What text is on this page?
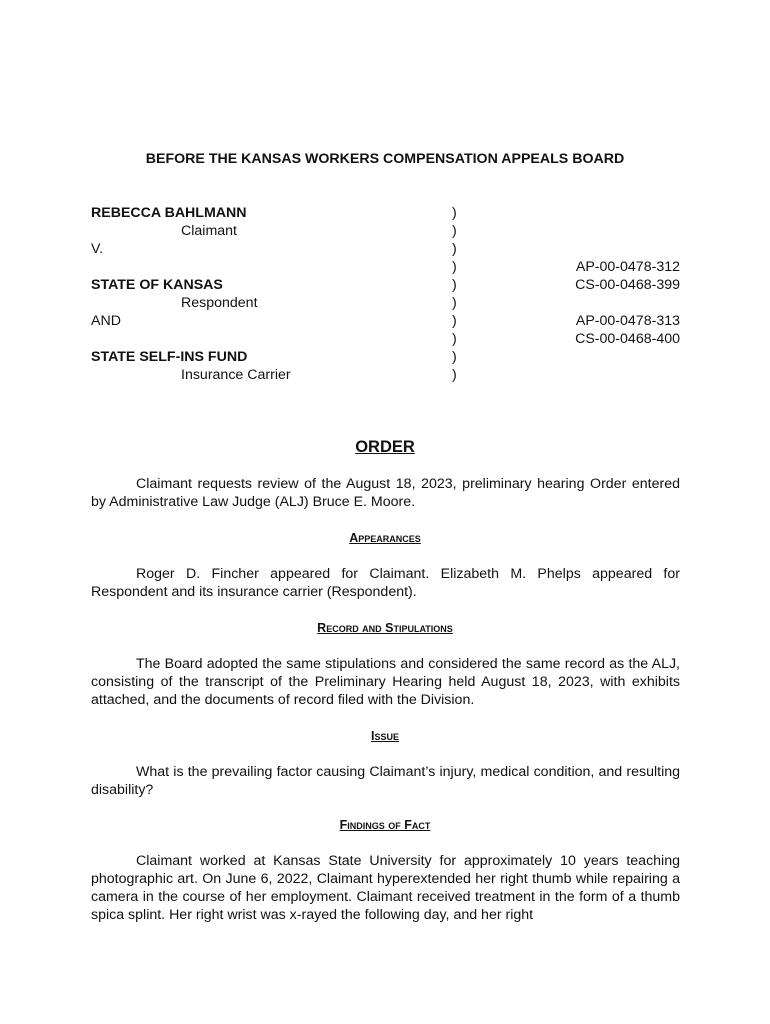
BEFORE THE KANSAS WORKERS COMPENSATION APPEALS BOARD
REBECCA BAHLMANN
Claimant
V.
STATE OF KANSAS
Respondent
AND
STATE SELF-INS FUND
Insurance Carrier
)
)
)
)
)
)
)
)
)
)
AP-00-0478-312
CS-00-0468-399
AP-00-0478-313
CS-00-0468-400
ORDER

Claimant requests review of the August 18, 2023, preliminary hearing Order entered by Administrative Law Judge (ALJ) Bruce E. Moore.

Appearances

Roger D. Fincher appeared for Claimant. Elizabeth M. Phelps appeared for Respondent and its insurance carrier (Respondent).

Record and Stipulations

The Board adopted the same stipulations and considered the same record as the ALJ, consisting of the transcript of the Preliminary Hearing held August 18, 2023, with exhibits attached, and the documents of record filed with the Division.

Issue

What is the prevailing factor causing Claimant’s injury, medical condition, and resulting disability?

Findings of Fact

Claimant worked at Kansas State University for approximately 10 years teaching photographic art. On June 6, 2022, Claimant hyperextended her right thumb while repairing a camera in the course of her employment. Claimant received treatment in the form of a thumb spica splint. Her right wrist was x-rayed the following day, and her right
